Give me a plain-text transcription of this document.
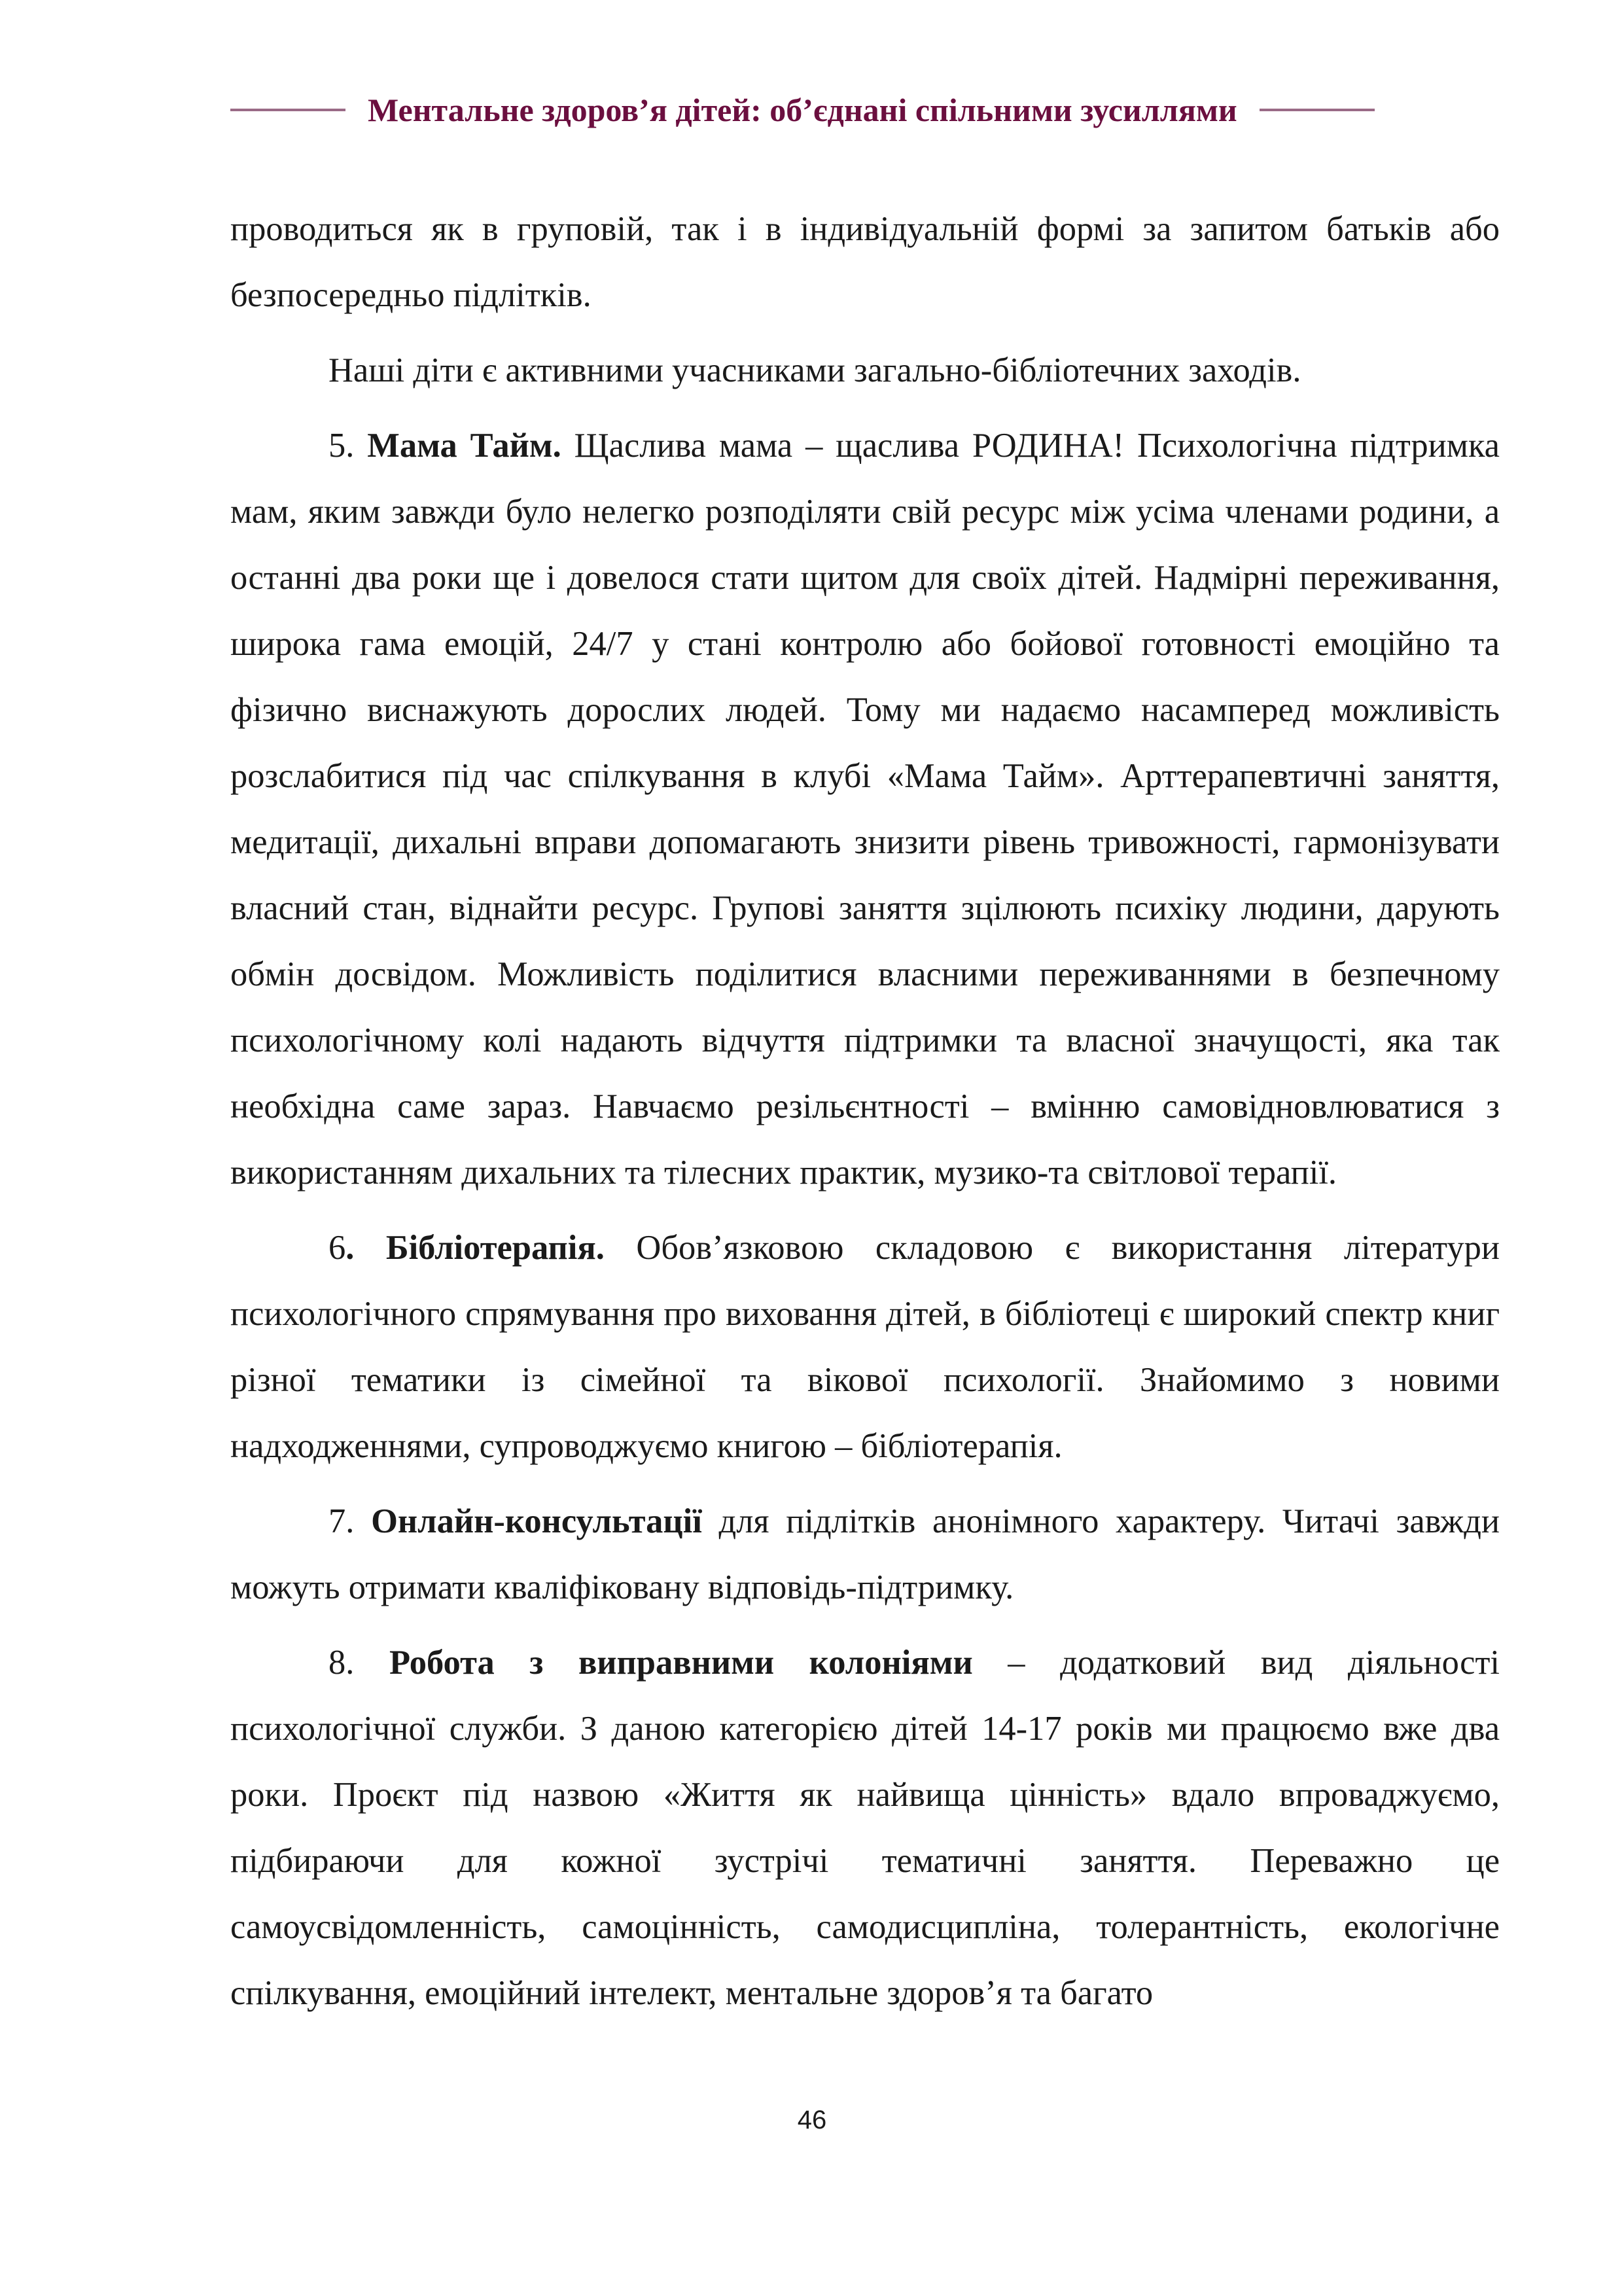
Ментальне здоров’я дітей: об’єднані спільними зусиллями

проводиться як в груповій, так і в індивідуальній формі за запитом батьків або безпосередньо підлітків.

Наші діти є активними учасниками загально-бібліотечних заходів.

5. Мама Тайм. Щаслива мама – щаслива РОДИНА! Психологічна підтримка мам, яким завжди було нелегко розподіляти свій ресурс між усіма членами родини, а останні два роки ще і довелося стати щитом для своїх дітей. Надмірні переживання, широка гама емоцій, 24/7 у стані контролю або бойової готовності емоційно та фізично виснажують дорослих людей. Тому ми надаємо насамперед можливість розслабитися під час спілкування в клубі «Мама Тайм». Арттерапевтичні заняття, медитації, дихальні вправи допомагають знизити рівень тривожності, гармонізувати власний стан, віднайти ресурс. Групові заняття зцілюють психіку людини, дарують обмін досвідом. Можливість поділитися власними переживаннями в безпечному психологічному колі надають відчуття підтримки та власної значущості, яка так необхідна саме зараз. Навчаємо резільєнтності – вмінню самовідновлюватися з використанням дихальних та тілесних практик, музико-та світлової терапії.

6. Бібліотерапія. Обов’язковою складовою є використання літератури психологічного спрямування про виховання дітей, в бібліотеці є широкий спектр книг різної тематики із сімейної та вікової психології. Знайомимо з новими надходженнями, супроводжуємо книгою – бібліотерапія.

7. Онлайн-консультації для підлітків анонімного характеру. Читачі завжди можуть отримати кваліфіковану відповідь-підтримку.

8. Робота з виправними колоніями – додатковий вид діяльності психологічної служби. З даною категорією дітей 14-17 років ми працюємо вже два роки. Проєкт під назвою «Життя як найвища цінність» вдало впроваджуємо, підбираючи для кожної зустрічі тематичні заняття. Переважно це самоусвідомленність, самоцінність, самодисципліна, толерантність, екологічне спілкування, емоційний інтелект, ментальне здоров’я та багато

46
